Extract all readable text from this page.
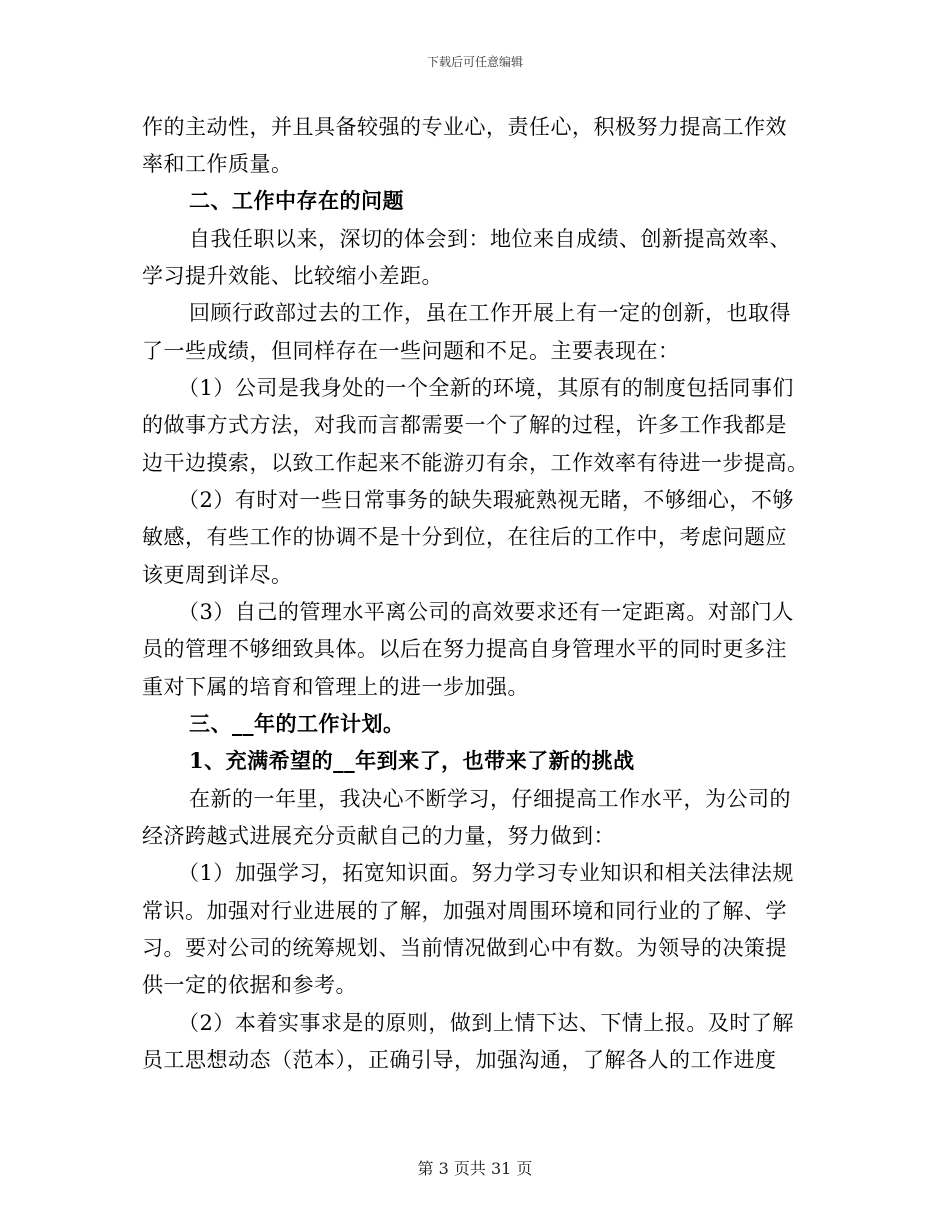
下载后可任意编辑
作的主动性，并且具备较强的专业心，责任心，积极努力提高工作效
率和工作质量。
二、工作中存在的问题
自我任职以来，深切的体会到：地位来自成绩、创新提高效率、
学习提升效能、比较缩小差距。
回顾行政部过去的工作，虽在工作开展上有一定的创新，也取得
了一些成绩，但同样存在一些问题和不足。主要表现在：
（1）公司是我身处的一个全新的环境，其原有的制度包括同事们
的做事方式方法，对我而言都需要一个了解的过程，许多工作我都是
边干边摸索，以致工作起来不能游刃有余，工作效率有待进一步提高。
（2）有时对一些日常事务的缺失瑕疵熟视无睹，不够细心，不够
敏感，有些工作的协调不是十分到位，在往后的工作中，考虑问题应
该更周到详尽。
（3）自己的管理水平离公司的高效要求还有一定距离。对部门人
员的管理不够细致具体。以后在努力提高自身管理水平的同时更多注
重对下属的培育和管理上的进一步加强。
三、__年的工作计划。
1、充满希望的__年到来了，也带来了新的挑战
在新的一年里，我决心不断学习，仔细提高工作水平，为公司的
经济跨越式进展充分贡献自己的力量，努力做到：
（1）加强学习，拓宽知识面。努力学习专业知识和相关法律法规
常识。加强对行业进展的了解，加强对周围环境和同行业的了解、学
习。要对公司的统筹规划、当前情况做到心中有数。为领导的决策提
供一定的依据和参考。
（2）本着实事求是的原则，做到上情下达、下情上报。及时了解
员工思想动态（范本），正确引导，加强沟通，了解各人的工作进度
第 3 页共 31 页
